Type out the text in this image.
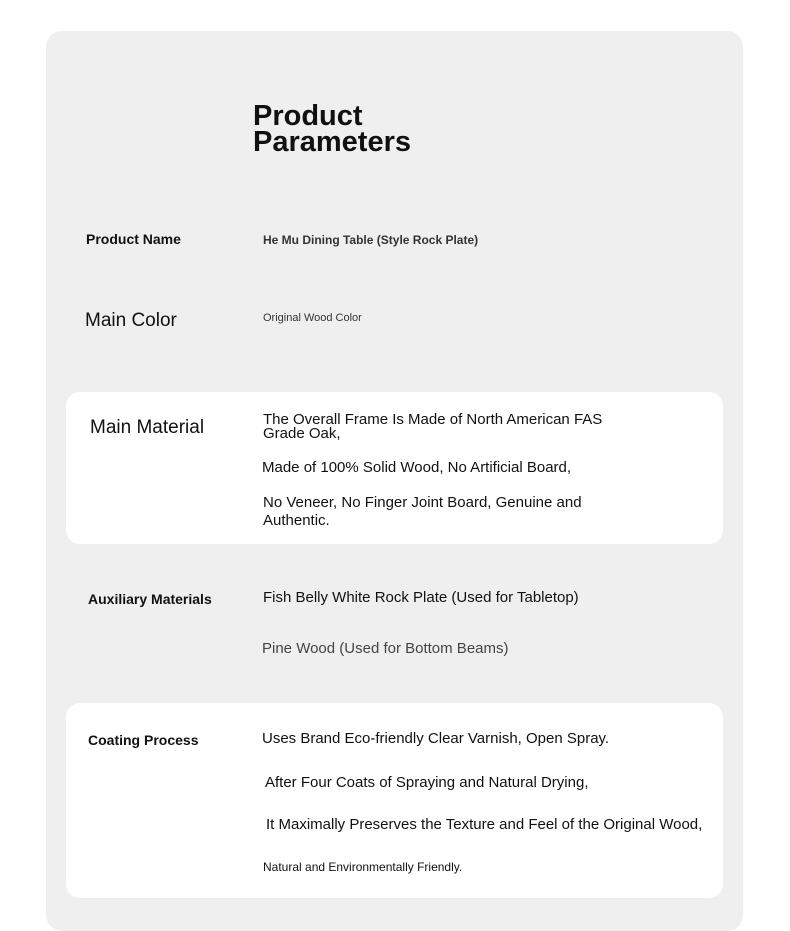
Product
Parameters
Product Name	He Mu Dining Table (Style Rock Plate)
Main Color	Original Wood Color
Main Material	The Overall Frame Is Made of North American FAS
Grade Oak,
Made of 100% Solid Wood, No Artificial Board,
No Veneer, No Finger Joint Board, Genuine and
Authentic.
Auxiliary Materials	Fish Belly White Rock Plate (Used for Tabletop)
Pine Wood (Used for Bottom Beams)
Coating Process	Uses Brand Eco-friendly Clear Varnish, Open Spray.
After Four Coats of Spraying and Natural Drying,
It Maximally Preserves the Texture and Feel of the Original Wood,
Natural and Environmentally Friendly.
